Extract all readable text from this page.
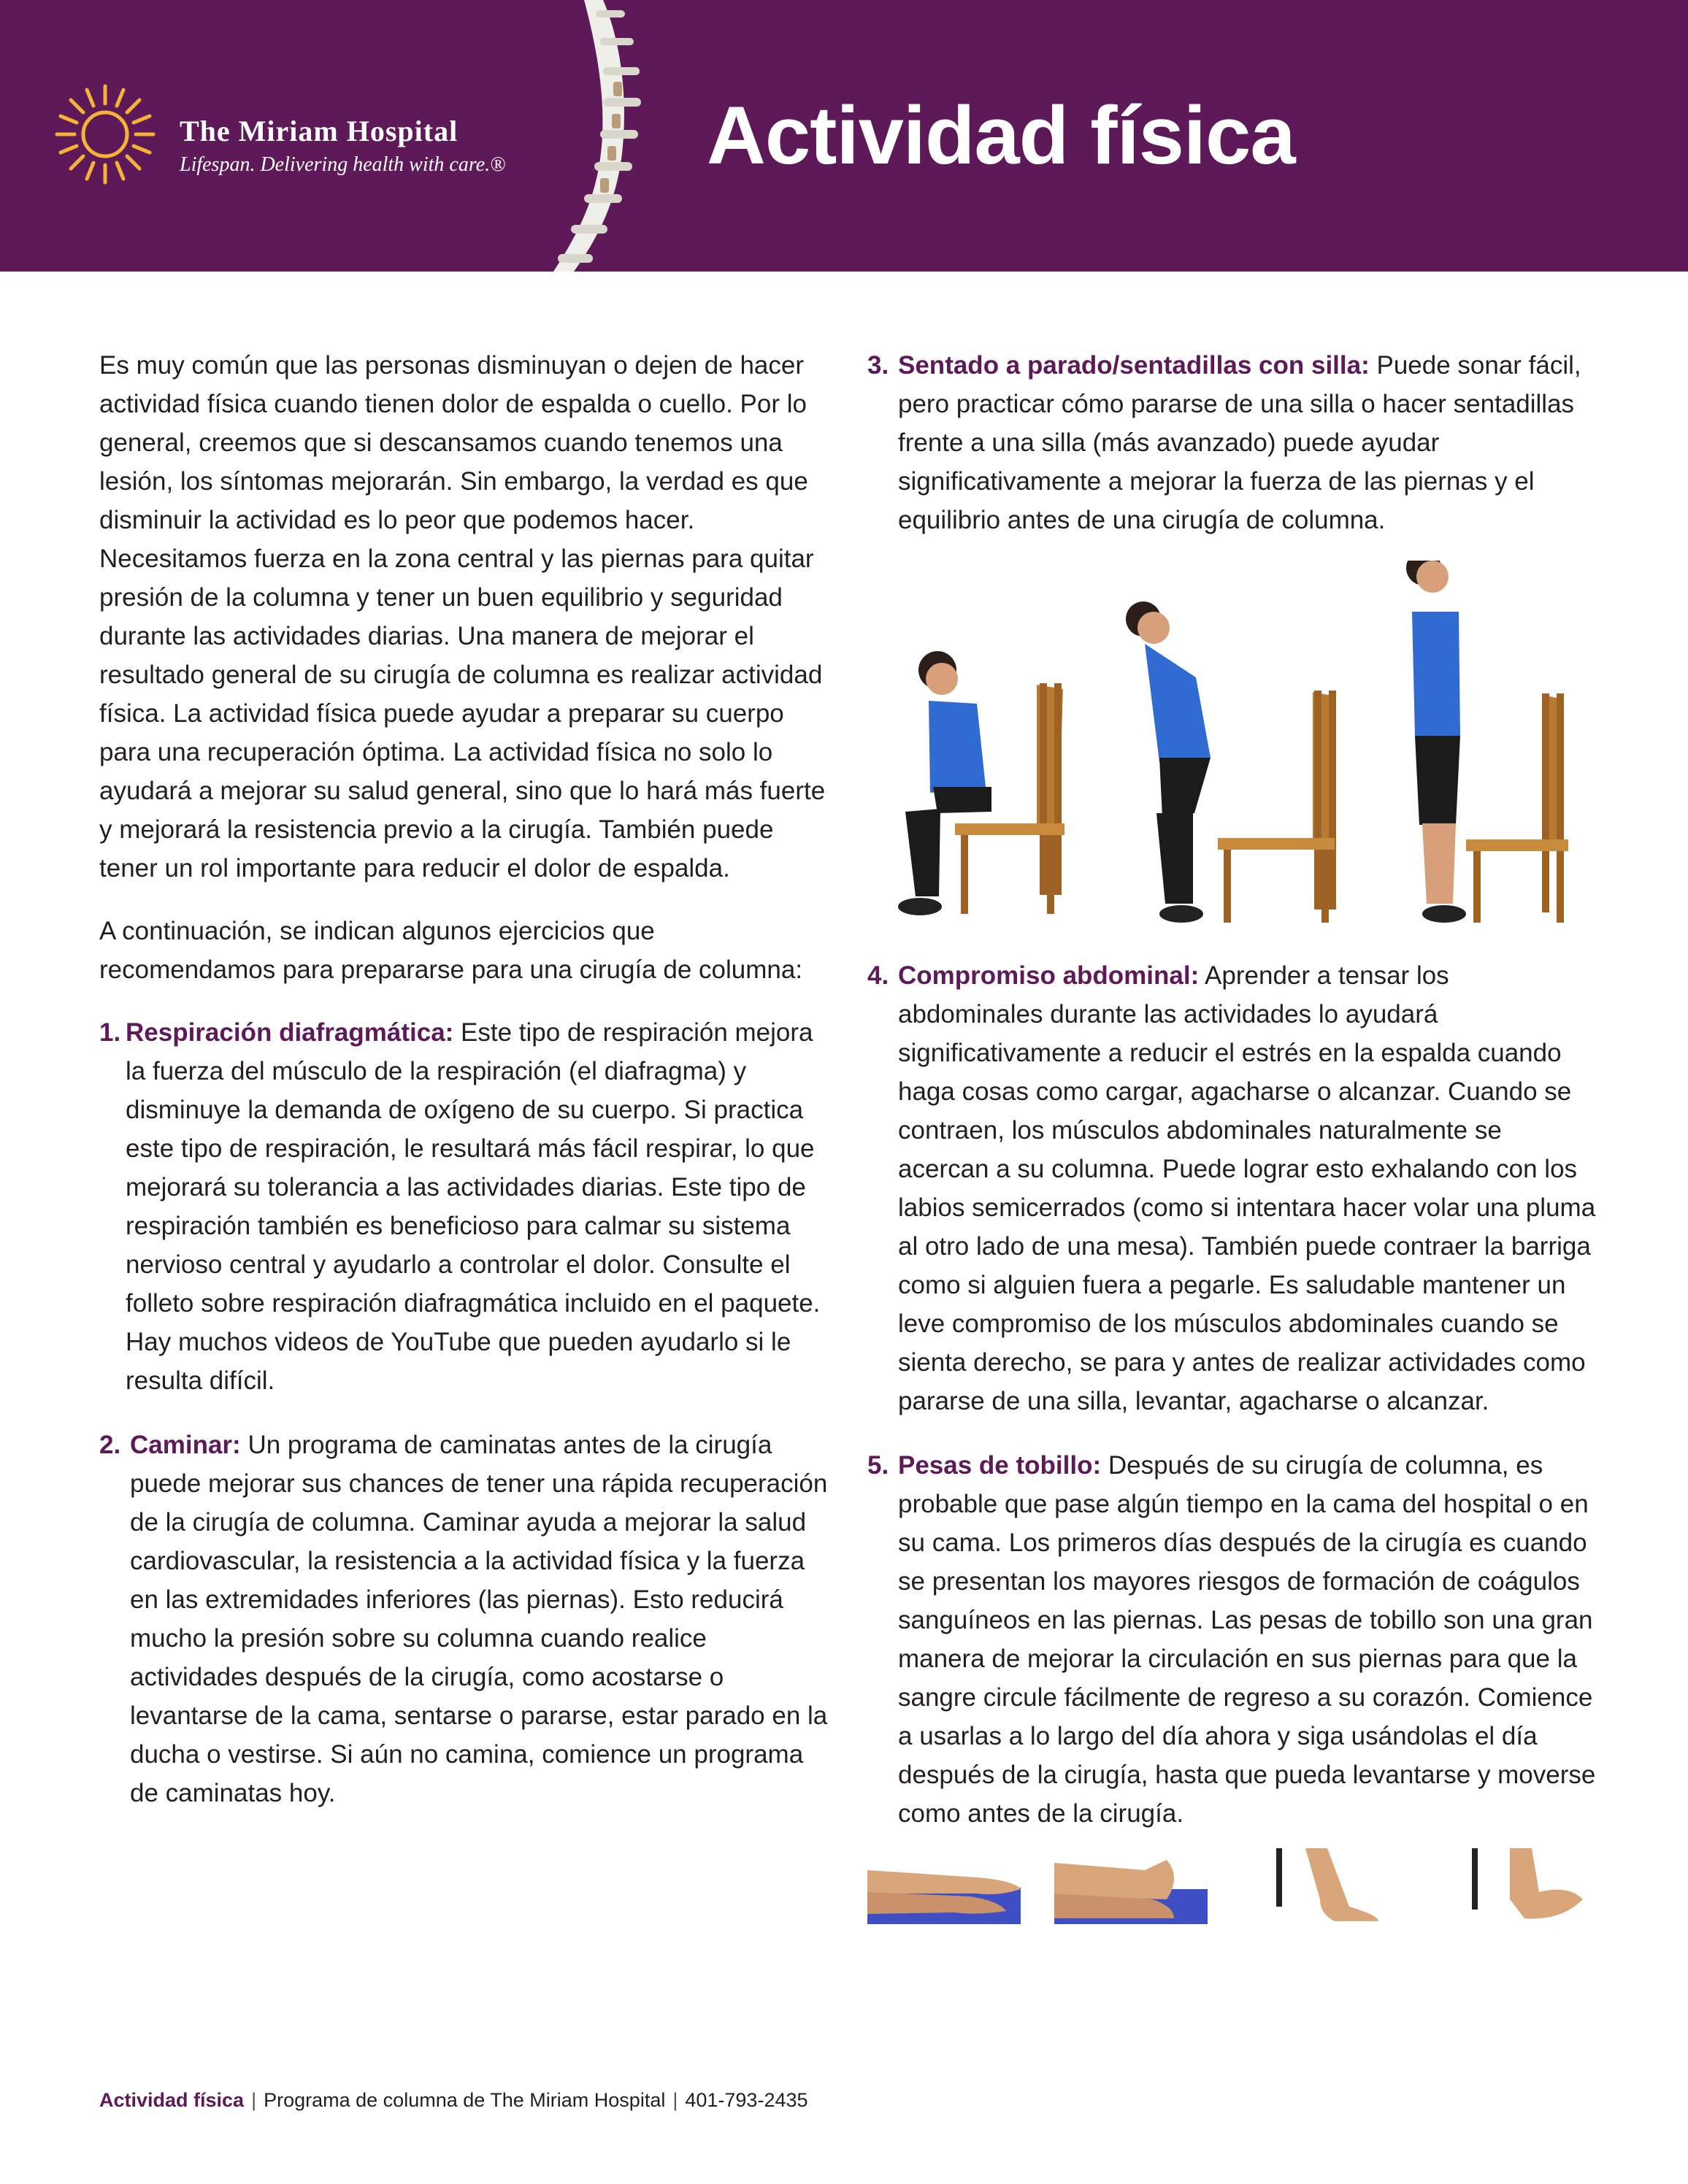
The Miriam Hospital
Lifespan. Delivering health with care.® Actividad física

Es muy común que las personas disminuyan o dejen de hacer actividad física cuando tienen dolor de espalda o cuello. Por lo general, creemos que si descansamos cuando tenemos una lesión, los síntomas mejorarán. Sin embargo, la verdad es que disminuir la actividad es lo peor que podemos hacer. Necesitamos fuerza en la zona central y las piernas para quitar presión de la columna y tener un buen equilibrio y seguridad durante las actividades diarias. Una manera de mejorar el resultado general de su cirugía de columna es realizar actividad física. La actividad física puede ayudar a preparar su cuerpo para una recuperación óptima. La actividad física no solo lo ayudará a mejorar su salud general, sino que lo hará más fuerte y mejorará la resistencia previo a la cirugía. También puede tener un rol importante para reducir el dolor de espalda.

A continuación, se indican algunos ejercicios que recomendamos para prepararse para una cirugía de columna:

1. Respiración diafragmática: Este tipo de respiración mejora la fuerza del músculo de la respiración (el diafragma) y disminuye la demanda de oxígeno de su cuerpo. Si practica este tipo de respiración, le resultará más fácil respirar, lo que mejorará su tolerancia a las actividades diarias. Este tipo de respiración también es beneficioso para calmar su sistema nervioso central y ayudarlo a controlar el dolor. Consulte el folleto sobre respiración diafragmática incluido en el paquete. Hay muchos videos de YouTube que pueden ayudarlo si le resulta difícil.
2. Caminar: Un programa de caminatas antes de la cirugía puede mejorar sus chances de tener una rápida recuperación de la cirugía de columna. Caminar ayuda a mejorar la salud cardiovascular, la resistencia a la actividad física y la fuerza en las extremidades inferiores (las piernas). Esto reducirá mucho la presión sobre su columna cuando realice actividades después de la cirugía, como acostarse o levantarse de la cama, sentarse o pararse, estar parado en la ducha o vestirse. Si aún no camina, comience un programa de caminatas hoy.
3. Sentado a parado/sentadillas con silla: Puede sonar fácil, pero practicar cómo pararse de una silla o hacer sentadillas frente a una silla (más avanzado) puede ayudar significativamente a mejorar la fuerza de las piernas y el equilibrio antes de una cirugía de columna.
4. Compromiso abdominal: Aprender a tensar los abdominales durante las actividades lo ayudará significativamente a reducir el estrés en la espalda cuando haga cosas como cargar, agacharse o alcanzar. Cuando se contraen, los músculos abdominales naturalmente se acercan a su columna. Puede lograr esto exhalando con los labios semicerrados (como si intentara hacer volar una pluma al otro lado de una mesa). También puede contraer la barriga como si alguien fuera a pegarle. Es saludable mantener un leve compromiso de los músculos abdominales cuando se sienta derecho, se para y antes de realizar actividades como pararse de una silla, levantar, agacharse o alcanzar.
5. Pesas de tobillo: Después de su cirugía de columna, es probable que pase algún tiempo en la cama del hospital o en su cama. Los primeros días después de la cirugía es cuando se presentan los mayores riesgos de formación de coágulos sanguíneos en las piernas. Las pesas de tobillo son una gran manera de mejorar la circulación en sus piernas para que la sangre circule fácilmente de regreso a su corazón. Comience a usarlas a lo largo del día ahora y siga usándolas el día después de la cirugía, hasta que pueda levantarse y moverse como antes de la cirugía.
Actividad física | Programa de columna de The Miriam Hospital | 401-793-2435
